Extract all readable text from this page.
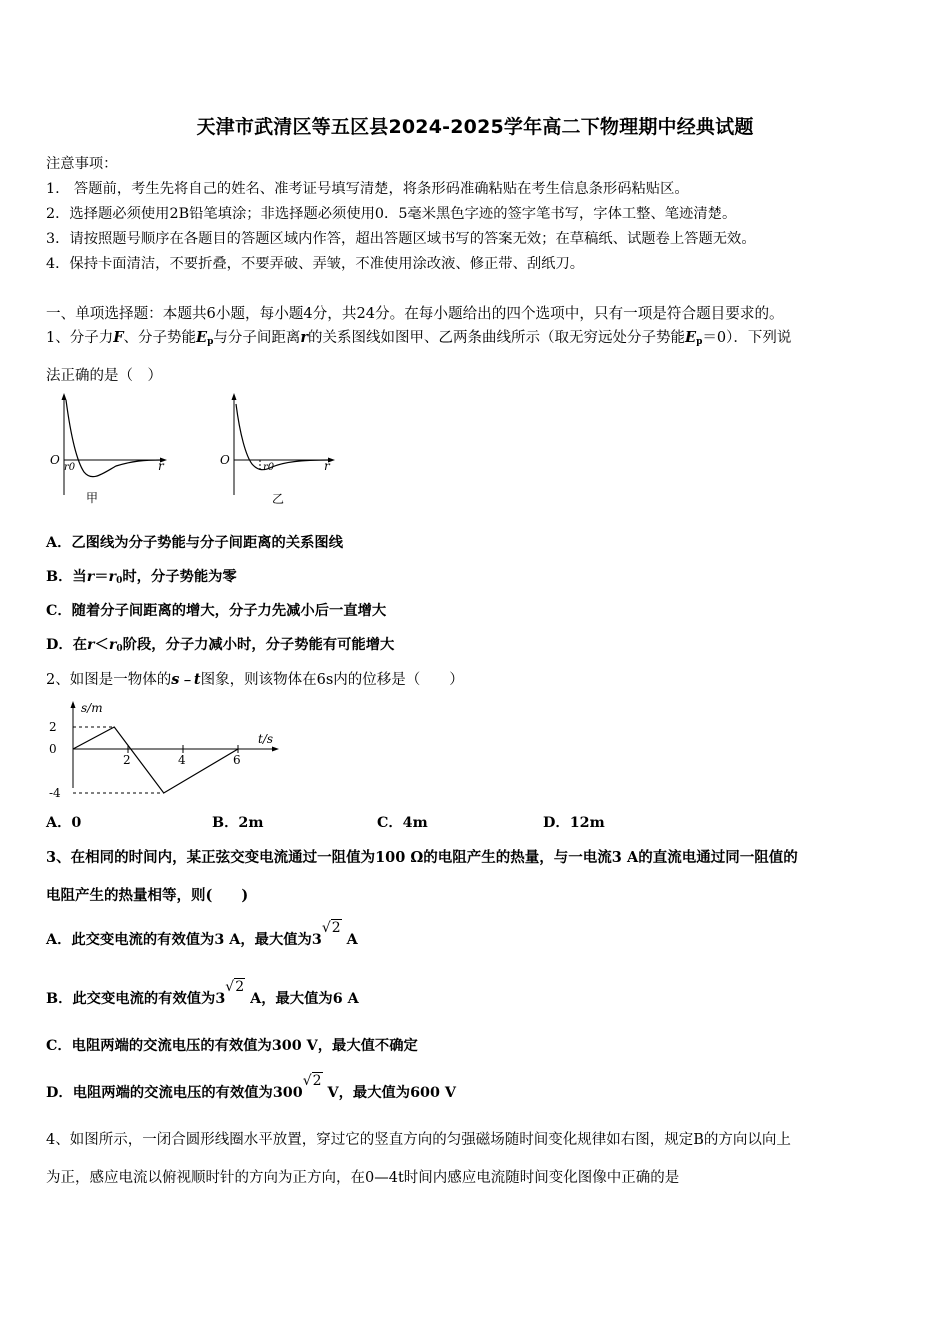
天津市武清区等五区县2024-2025学年高二下物理期中经典试题
注意事项：
1.　答题前，考生先将自己的姓名、准考证号填写清楚，将条形码准确粘贴在考生信息条形码粘贴区。
2．选择题必须使用2B铅笔填涂；非选择题必须使用0．5毫米黑色字迹的签字笔书写，字体工整、笔迹清楚。
3．请按照题号顺序在各题目的答题区域内作答，超出答题区域书写的答案无效；在草稿纸、试题卷上答题无效。
4．保持卡面清洁，不要折叠，不要弄破、弄皱，不准使用涂改液、修正带、刮纸刀。
一、单项选择题：本题共6小题，每小题4分，共24分。在每小题给出的四个选项中，只有一项是符合题目要求的。
1、分子力F、分子势能$E_p$与分子间距离r的关系图线如图甲、乙两条曲线所示（取无穷远处分子势能$E_p=0$）．下列说
法正确的是（　）
O
r0	r
甲
O
r0	r
乙
A．乙图线为分子势能与分子间距离的关系图线
B．当$r=r_0$时，分子势能为零
C．随着分子间距离的增大，分子力先减小后一直增大
D．在$r<r_0$阶段，分子力减小时，分子势能有可能增大
2、如图是一物体的s﹣t图象，则该物体在6s内的位移是（　　）
s/m
t/s
2
0
-4
2	4	6
A．0	B．2m	C．4m	D．12m
3、在相同的时间内，某正弦交变电流通过一阻值为100 Ω的电阻产生的热量，与一电流3 A的直流电通过同一阻值的
电阻产生的热量相等，则(　　)
A．此交变电流的有效值为3 A，最大值为3√2 A
B．此交变电流的有效值为3√2 A，最大值为6 A
C．电阻两端的交流电压的有效值为300 V，最大值不确定
D．电阻两端的交流电压的有效值为300√2 V，最大值为600 V
4、如图所示，一闭合圆形线圈水平放置，穿过它的竖直方向的匀强磁场随时间变化规律如右图，规定B的方向以向上
为正，感应电流以俯视顺时针的方向为正方向，在0—4t时间内感应电流随时间变化图像中正确的是
